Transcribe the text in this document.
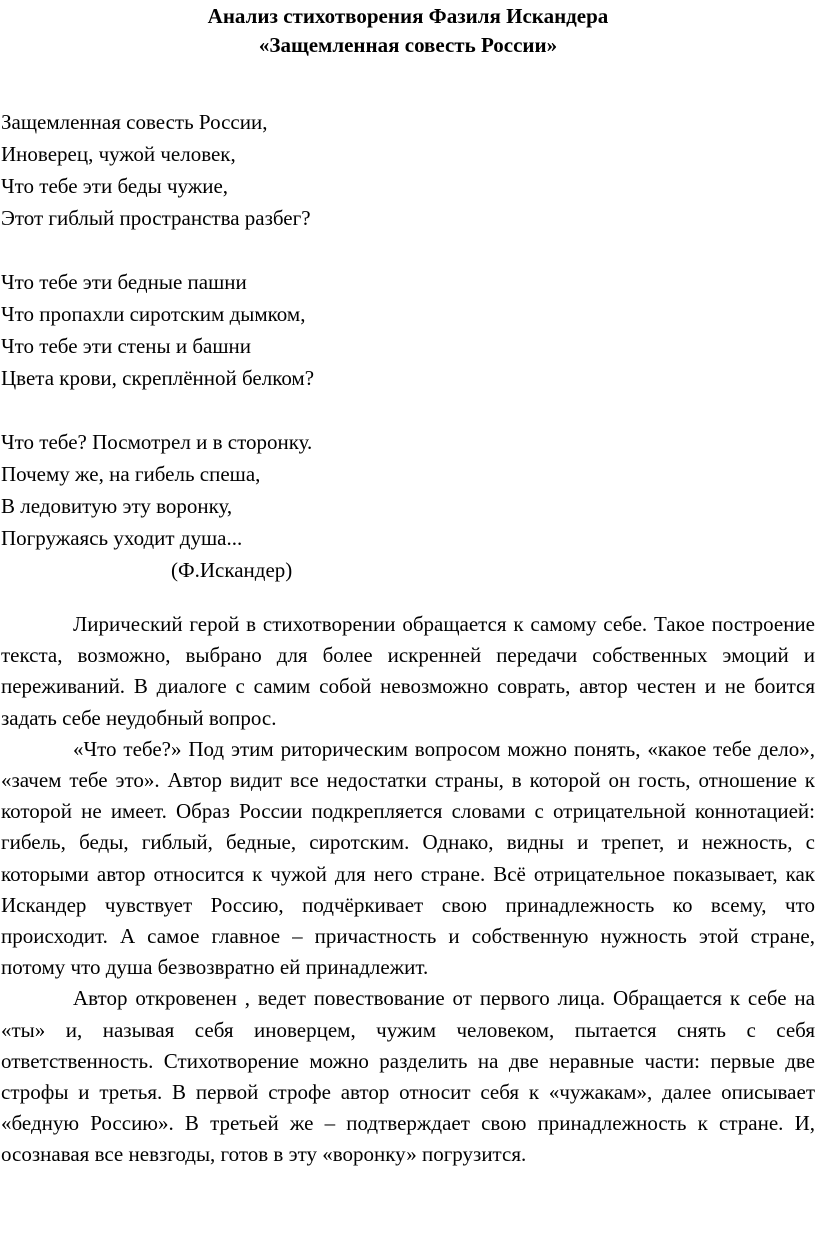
Анализ стихотворения Фазиля Искандера
«Защемленная совесть России»
Защемленная совесть России,
Иноверец, чужой человек,
Что тебе эти беды чужие,
Этот гиблый пространства разбег?
Что тебе эти бедные пашни
Что пропахли сиротским дымком,
Что тебе эти стены и башни
Цвета крови, скреплённой белком?
Что тебе? Посмотрел и в сторонку.
Почему же, на гибель спеша,
В ледовитую эту воронку,
Погружаясь уходит душа...
(Ф.Искандер)

Лирический герой в стихотворении обращается к самому себе. Такое построение текста, возможно, выбрано для более искренней передачи собственных эмоций и переживаний. В диалоге с самим собой невозможно соврать, автор честен и не боится задать себе неудобный вопрос.

«Что тебе?» Под этим риторическим вопросом можно понять, «какое тебе дело», «зачем тебе это». Автор видит все недостатки страны, в которой он гость, отношение к которой не имеет. Образ России подкрепляется словами с отрицательной коннотацией: гибель, беды, гиблый, бедные, сиротским. Однако, видны и трепет, и нежность, с которыми автор относится к чужой для него стране. Всё отрицательное показывает, как Искандер чувствует Россию, подчёркивает свою принадлежность ко всему, что происходит. А самое главное – причастность и собственную нужность этой стране, потому что душа безвозвратно ей принадлежит.

Автор откровенен , ведет повествование от первого лица. Обращается к себе на «ты» и, называя себя иноверцем, чужим человеком, пытается снять с себя ответственность. Стихотворение можно разделить на две неравные части: первые две строфы и третья. В первой строфе автор относит себя к «чужакам», далее описывает «бедную Россию». В третьей же – подтверждает свою принадлежность к стране. И, осознавая все невзгоды, готов в эту «воронку» погрузится.
